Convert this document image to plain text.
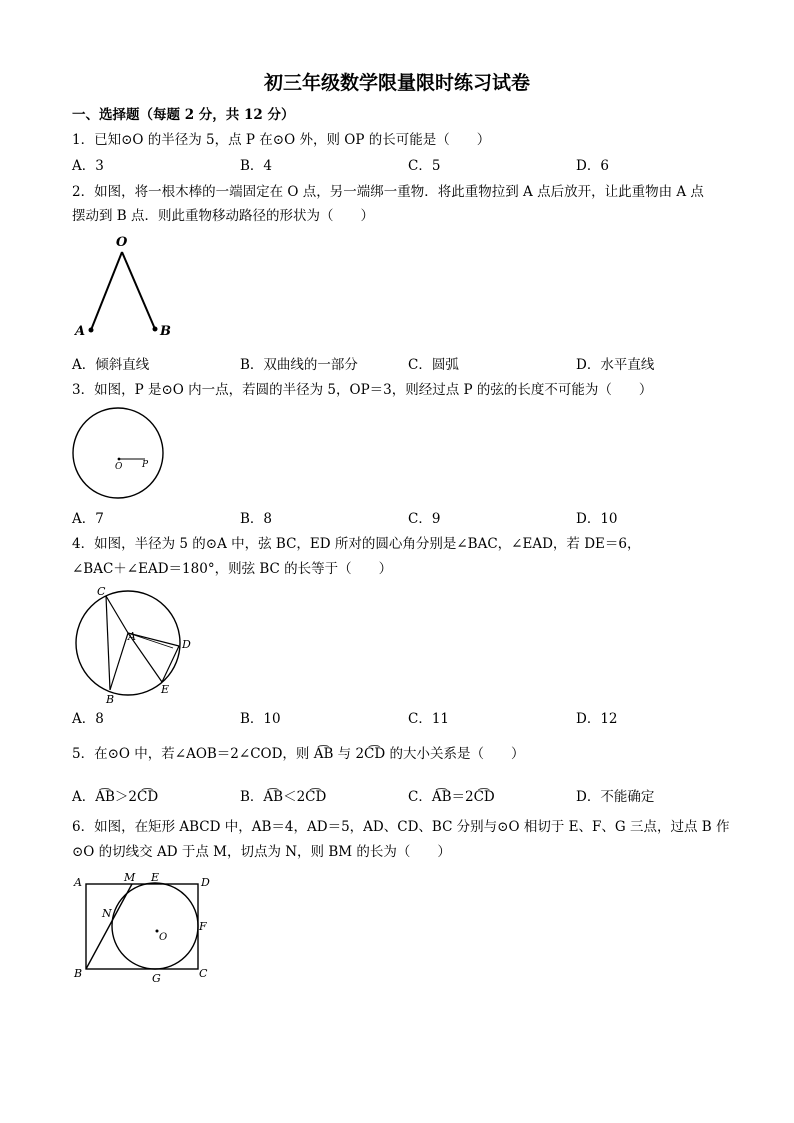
初三年级数学限量限时练习试卷
一、选择题（每题 2 分，共 12 分）
1．已知⊙O 的半径为 5，点 P 在⊙O 外，则 OP 的长可能是（　　）
A．3	B．4	C．5	D．6
2．如图，将一根木棒的一端固定在 O 点，另一端绑一重物．将此重物拉到 A 点后放开，让此重物由 A 点
摆动到 B 点．则此重物移动路径的形状为（　　）
O
A	B
A．倾斜直线	B．双曲线的一部分	C．圆弧	D．水平直线
3．如图，P 是⊙O 内一点，若圆的半径为 5，OP＝3，则经过点 P 的弦的长度不可能为（　　）
O P
A．7	B．8	C．9	D．10
4．如图，半径为 5 的⊙A 中，弦 BC，ED 所对的圆心角分别是∠BAC，∠EAD，若 DE＝6，
∠BAC＋∠EAD＝180°，则弦 BC 的长等于（　　）
C
A
D
B
E
A．8	B．10	C．11	D．12
5．在⊙O 中，若∠AOB＝2∠COD，则 A͡B 与 2C͡D 的大小关系是（　　）
A．A͡B＞2C͡D	B．A͡B＜2C͡D	C．A͡B＝2C͡D	D．不能确定
6．如图，在矩形 ABCD 中，AB＝4，AD＝5，AD、CD、BC 分别与⊙O 相切于 E、F、G 三点，过点 B 作
⊙O 的切线交 AD 于点 M，切点为 N，则 BM 的长为（　　）
A	M E	D
N
O
F
B	G	C
